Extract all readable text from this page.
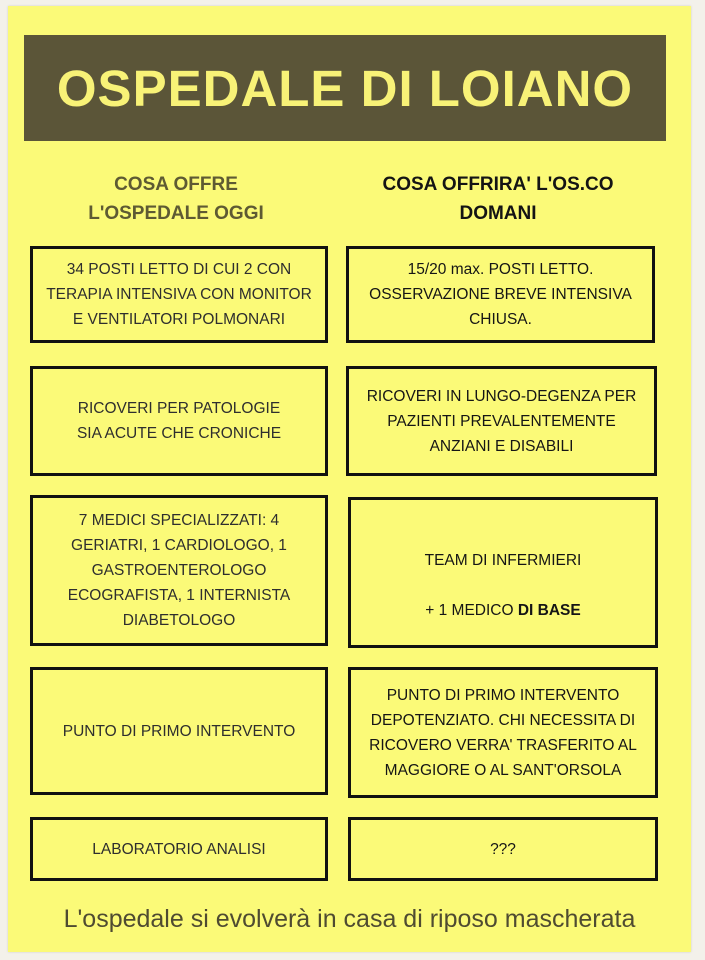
OSPEDALE DI LOIANO
COSA OFFRE
L'OSPEDALE OGGI
COSA OFFRIRA' L'OS.CO
DOMANI
34 POSTI LETTO DI CUI 2 CON
TERAPIA INTENSIVA CON MONITOR
E VENTILATORI POLMONARI
15/20 max. POSTI LETTO.
OSSERVAZIONE BREVE INTENSIVA
CHIUSA.
RICOVERI PER PATOLOGIE
SIA ACUTE CHE CRONICHE
RICOVERI IN LUNGO-DEGENZA PER
PAZIENTI PREVALENTEMENTE
ANZIANI E DISABILI
7 MEDICI SPECIALIZZATI: 4
GERIATRI, 1 CARDIOLOGO, 1
GASTROENTEROLOGO
ECOGRAFISTA, 1 INTERNISTA
DIABETOLOGO

TEAM DI INFERMIERI

+ 1 MEDICO DI BASE

PUNTO DI PRIMO INTERVENTO
PUNTO DI PRIMO INTERVENTO
DEPOTENZIATO. CHI NECESSITA DI
RICOVERO VERRA' TRASFERITO AL
MAGGIORE O AL SANT'ORSOLA
LABORATORIO ANALISI	???
L'ospedale si evolverà in casa di riposo mascherata
